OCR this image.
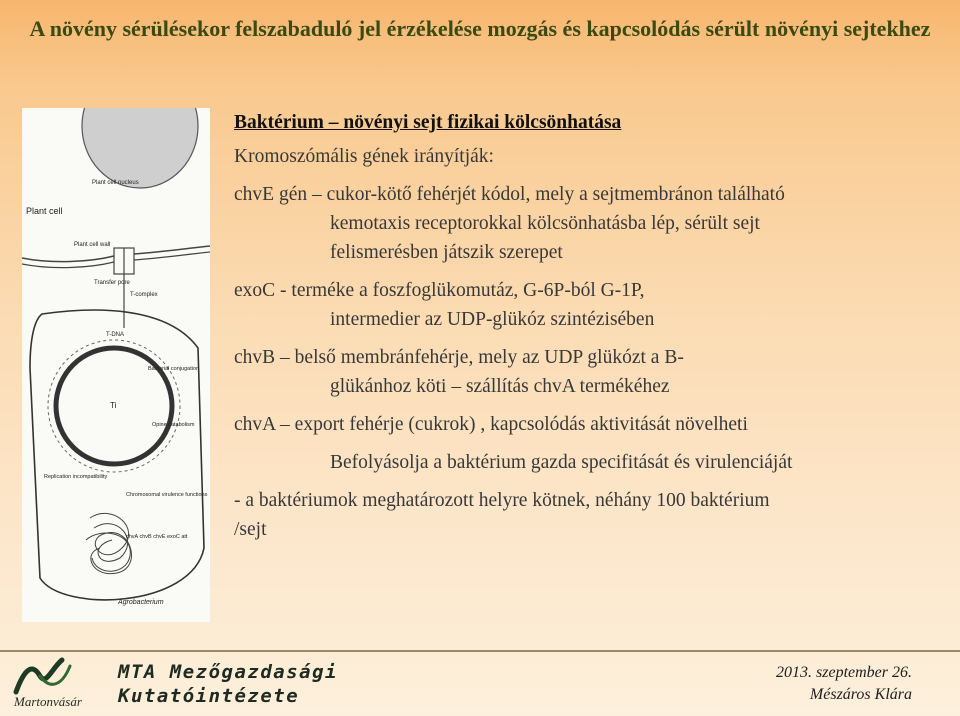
A növény sérülésekor felszabaduló jel érzékelése mozgás és kapcsolódás sérült növényi sejtekhez
Plant cell
Plant cell nucleus
Plant cell wall
Transfer pore
T-complex
T-DNA
Ti
Bacterial conjugation
Opine catabolism
Replication incompatibility
Chromosomal virulence functions
chvA chvB chvE exoC att
Agrobacterium
Baktérium – növényi sejt fizikai kölcsönhatása
Kromoszómális gének irányítják:
chvE gén – cukor-kötő fehérjét kódol, mely a sejtmembránon található
kemotaxis receptorokkal kölcsönhatásba lép, sérült sejt
felismerésben játszik szerepet
exoC - terméke a foszfoglükomutáz, G-6P-ból G-1P,
intermedier az UDP-glükóz szintézisében
chvB – belső membránfehérje, mely az UDP glükózt a B-
glükánhoz köti – szállítás chvA termékéhez
chvA – export fehérje (cukrok) , kapcsolódás aktivitását növelheti
Befolyásolja a baktérium gazda specifitását és virulenciáját
- a baktériumok meghatározott helyre kötnek, néhány 100 baktérium
/sejt
Martonvásár
MTA Mezőgazdasági
Kutatóintézete
2013. szeptember 26.
Mészáros Klára
